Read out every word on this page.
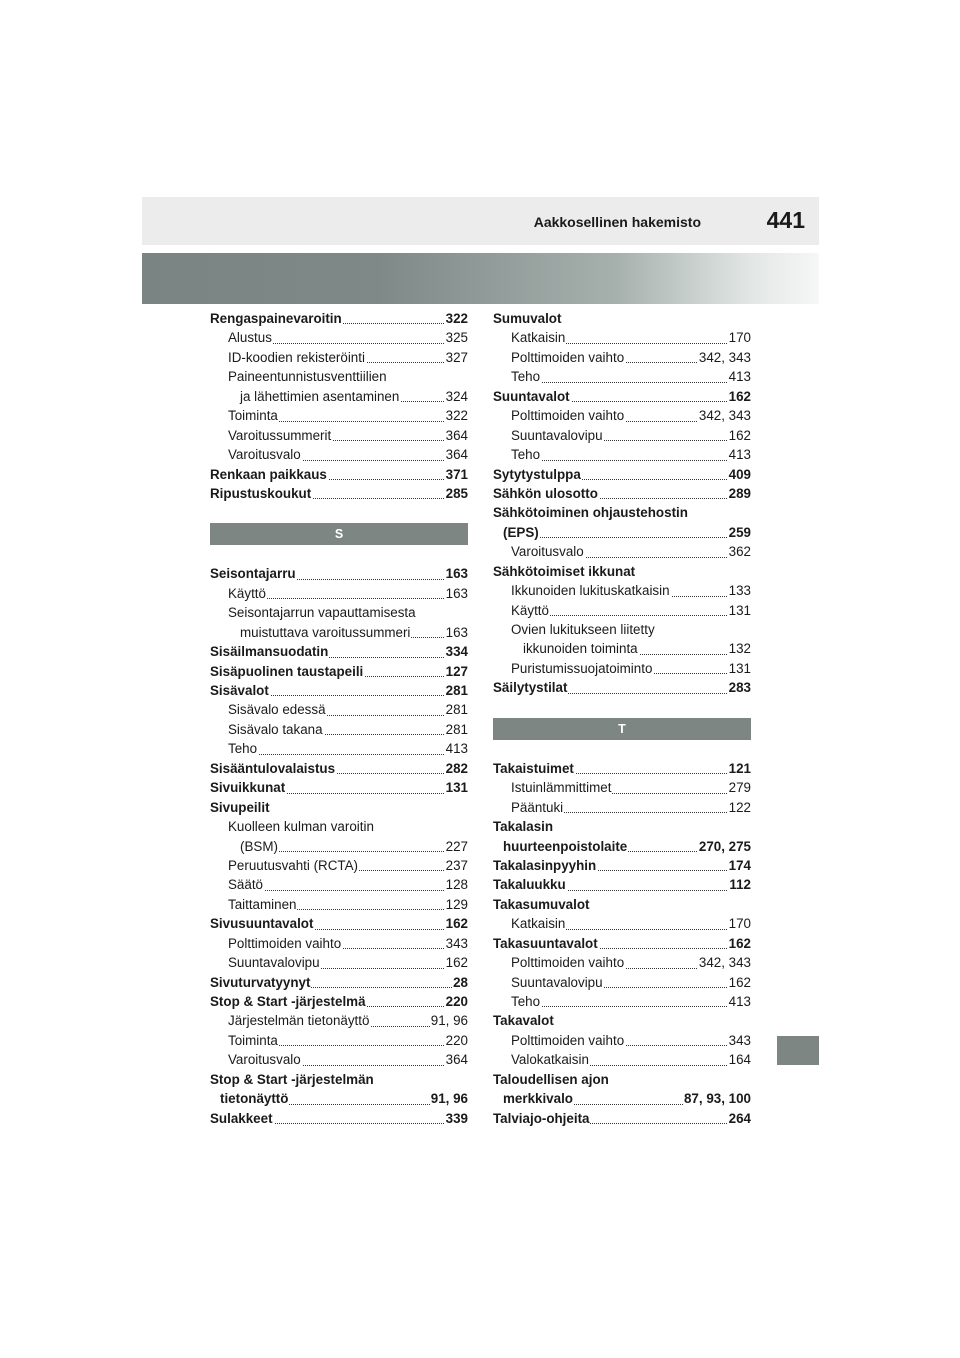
Aakkosellinen hakemisto	441
Rengaspainevaroitin	322
Alustus	325
ID-koodien rekisteröinti	327
Paineentunnistusventtiilien
ja lähettimien asentaminen	324
Toiminta	322
Varoitussummerit	364
Varoitusvalo	364
Renkaan paikkaus	371
Ripustuskoukut	285
S
Seisontajarru	163
Käyttö	163
Seisontajarrun vapauttamisesta
muistuttava varoitussummeri	163
Sisäilmansuodatin	334
Sisäpuolinen taustapeili	127
Sisävalot	281
Sisävalo edessä	281
Sisävalo takana	281
Teho	413
Sisääntulovalaistus	282
Sivuikkunat	131
Sivupeilit
Kuolleen kulman varoitin
(BSM)	227
Peruutusvahti (RCTA)	237
Säätö	128
Taittaminen	129
Sivusuuntavalot	162
Polttimoiden vaihto	343
Suuntavalovipu	162
Sivuturvatyynyt	28
Stop & Start -järjestelmä	220
Järjestelmän tietonäyttö	91, 96
Toiminta	220
Varoitusvalo	364
Stop & Start -järjestelmän
tietonäyttö	91, 96
Sulakkeet	339
Sumuvalot
Katkaisin	170
Polttimoiden vaihto	342, 343
Teho	413
Suuntavalot	162
Polttimoiden vaihto	342, 343
Suuntavalovipu	162
Teho	413
Sytytystulppa	409
Sähkön ulosotto	289
Sähkötoiminen ohjaustehostin
(EPS)	259
Varoitusvalo	362
Sähkötoimiset ikkunat
Ikkunoiden lukituskatkaisin	133
Käyttö	131
Ovien lukitukseen liitetty
ikkunoiden toiminta	132
Puristumissuojatoiminto	131
Säilytystilat	283
T
Takaistuimet	121
Istuinlämmittimet	279
Pääntuki	122
Takalasin
huurteenpoistolaite	270, 275
Takalasinpyyhin	174
Takaluukku	112
Takasumuvalot
Katkaisin	170
Takasuuntavalot	162
Polttimoiden vaihto	342, 343
Suuntavalovipu	162
Teho	413
Takavalot
Polttimoiden vaihto	343
Valokatkaisin	164
Taloudellisen ajon
merkkivalo	87, 93, 100
Talviajo-ohjeita	264
